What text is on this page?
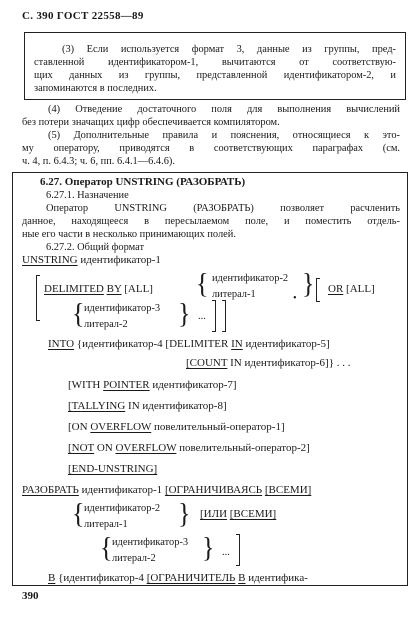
С. 390 ГОСТ 22558—89
(3) Если используется формат 3, данные из группы, пред-
ставленной идентификатором-1, вычитаются от соответствую-
щих данных из группы, представленной идентификатором-2, и
запоминаются в последних.
(4) Отведение достаточного поля для выполнения вычислений
без потери значащих цифр обеспечивается компилятором.
(5) Дополнительные правила и пояснения, относящиеся к это-
му оператору, приводятся в соответствующих параграфах (см.
ч. 4, п. 6.4.3; ч. 6, пп. 6.4.1—6.4.6).
6.27. Оператор UNSTRING (РАЗОБРАТЬ)
6.27.1. Назначение
Оператор UNSTRING (РАЗОБРАТЬ) позволяет расчленить
данное, находящееся в пересылаемом поле, и поместить отдель-
ные его части в несколько принимающих полей.
6.27.2. Общий формат
UNSTRING идентификатор-1
DELIMITED BY [ALL] { идентификатор-2
литерал-1 } OR [ALL]
{ идентификатор-3
литерал-2 } ...
•
INTO {идентификатор-4 [DELIMITER IN идентификатор-5]
[COUNT IN идентификатор-6]} . . .
[WITH POINTER идентификатор-7]
[TALLYING IN идентификатор-8]
[ON OVERFLOW повелительный-оператор-1]
[NOT ON OVERFLOW повелительный-оператор-2]
[END-UNSTRING]
РАЗОБРАТЬ идентификатор-1 [ОГРАНИЧИВАЯСЬ [ВСЕМИ]
{ идентификатор-2
литерал-1 } [ИЛИ [ВСЕМИ]
{ идентификатор-3
литерал-2 } ...
В {идентификатор-4 [ОГРАНИЧИТЕЛЬ В идентифика-
390
